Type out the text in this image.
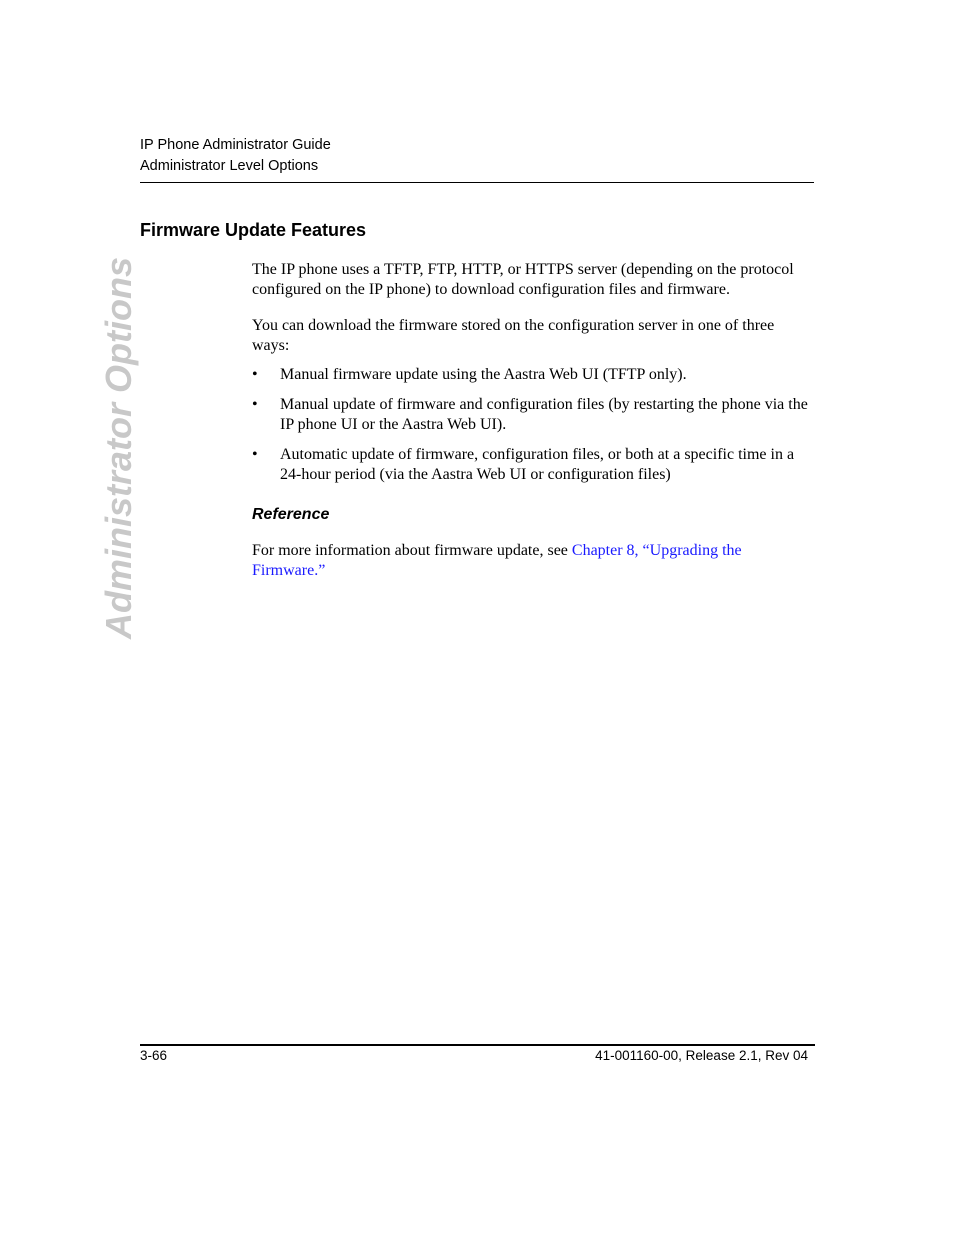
IP Phone Administrator Guide
Administrator Level Options
Administrator Options
Firmware Update Features

The IP phone uses a TFTP, FTP, HTTP, or HTTPS server (depending on the protocol configured on the IP phone) to download configuration files and firmware.

You can download the firmware stored on the configuration server in one of three ways:

• Manual firmware update using the Aastra Web UI (TFTP only).
• Manual update of firmware and configuration files (by restarting the phone via the IP phone UI or the Aastra Web UI).
• Automatic update of firmware, configuration files, or both at a specific time in a 24-hour period (via the Aastra Web UI or configuration files)
Reference

For more information about firmware update, see Chapter 8, “Upgrading the Firmware.”

3-66	41-001160-00, Release 2.1, Rev 04
